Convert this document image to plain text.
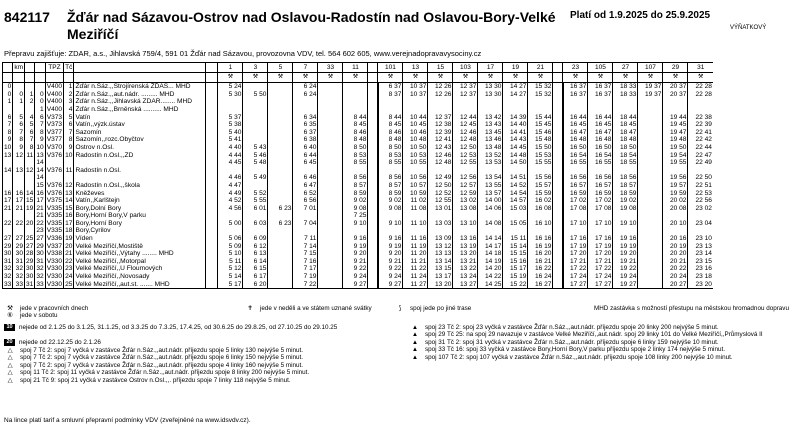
842117 Žďár nad Sázavou-Ostrov nad Oslavou-Radostín nad Oslavou-Bory-Velké Meziříčí
Platí od 1.9.2025 do 25.9.2025
VÝŇATKOVÝ
Přepravu zajišťuje: ZDAR, a.s., Jihlavská 759/4, 591 01 Žďár nad Sázavou, provozovna VDV, tel. 564 602 605, www.verejnadopravavysociny.cz
	km			TPZ	Tč			1	3	5	7	33	11		101	13	15	103	17	19	21		23	105	27	107	29	31
								⚒	⚒	⚒	⚒	⚒	⚒		⚒	⚒	⚒	⚒	⚒	⚒	⚒		⚒	⚒	⚒	⚒	⚒	⚒
0				V400	1	Žďár n.Sáz.,,Strojírenská ŽĎAS... MHD		5 24			6 24				6 37	10 37	12 26	12 37	13 30	14 27	15 32		16 37	16 37	18 33	19 37	20 37	22 28
0	0	1	0	V400	2	Žďár n.Sáz.,,aut.nádr. ......... MHD		5 30	5 50		6 24				8 37	10 37	12 26	12 37	13 30	14 27	15 32		16 37	16 37	18 33	19 37	20 37	22 28
1	1	2	0	V400	3	Žďár n.Sáz.,,Jihlavská ZDAR........ MHD																						
			1	V400	4	Žďár n.Sáz.,,Brněnská .......... MHD																						
6	5	4	6	V373	5	Vatín		5 37			6 34		8 44		8 44	10 44	12 37	12 44	13 42	14 39	15 44		16 44	16 44	18 44		19 44	22 38
7	6	5	7	V373	6	Vatín,,výzk.ústav		5 38			6 35		8 45		8 45	10 45	12 38	12 45	13 43	14 40	15 45		16 45	16 45	18 45		19 45	22 39
8	7	6	8	V377	7	Sazomín		5 40			6 37		8 46		8 46	10 46	12 39	12 46	13 45	14 41	15 46		16 47	16 47	18 47		19 47	22 41
9	8	7	9	V377	8	Sazomín,,rozc.Obyčtov		5 41			6 38		8 48		8 48	10 48	12 41	12 48	13 46	14 43	15 48		16 48	16 48	18 48		19 48	22 42
10	9	8	10	V370	9	Ostrov n.Osl.		4 40	5 43		6 40		8 50		8 50	10 50	12 43	12 50	13 48	14 45	15 50		16 50	16 50	18 50		19 50	22 44
13	12	11	13	V376	10	Radostín n.Osl.,,ZD		4 44	5 46		6 44		8 53		8 53	10 53	12 46	12 53	13 52	14 48	15 53		16 54	16 54	18 54		19 54	22 47
			14					4 45	5 48		6 45		8 55		8 55	10 55	12 48	12 55	13 53	14 50	15 55		16 55	16 55	18 55		19 55	22 49
14	13	12	14	V376	11	Radostín n.Osl.																						
			14					4 46	5 49		6 46		8 56		8 56	10 56	12 49	12 56	13 54	14 51	15 56		16 56	16 56	18 56		19 56	22 50
			15	V376	12	Radostín n.Osl.,,škola		4 47			6 47		8 57		8 57	10 57	12 50	12 57	13 55	14 52	15 57		16 57	16 57	18 57		19 57	22 51
16	16	14	16	V376	13	Kněževes		4 49	5 52		6 52		8 59		8 59	10 59	12 52	12 59	13 57	14 54	15 59		16 59	16 59	18 59		19 59	22 53
17	17	15	17	V375	14	Vatín,,Karlštejn		4 52	5 55		6 56		9 02		9 02	11 02	12 55	13 02	14 00	14 57	16 02		17 02	17 02	19 02		20 02	22 56
21	21	19	21	V335	15	Bory,Dolní Bory		4 56	6 01	6 23	7 01		9 08		9 08	11 08	13 01	13 08	14 06	15 03	16 08		17 08	17 08	19 08		20 08	23 02
			21	V335	16	Bory,Horní Bory,V parku							7 25															
22	22	20	22	V335	17	Bory,Horní Bory		5 00	6 03	6 23	7 04		9 10		9 10	11 10	13 03	13 10	14 08	15 05	16 10		17 10	17 10	19 10		20 10	23 04
			23	V335	18	Bory,Cyrilov																						
27	27	25	27	V336	19	Víden		5 06	6 09		7 11		9 16		9 16	11 16	13 09	13 16	14 14	15 11	16 16		17 16	17 16	19 16		20 16	23 10
29	29	27	29	V337	20	Velké Meziříčí,Mostiště		5 09	6 12		7 14		9 19		9 19	11 19	13 12	13 19	14 17	15 14	16 19		17 19	17 19	19 19		20 19	23 13
30	30	28	30	V338	21	Velké Meziříčí,,Výtahy ........ MHD		5 10	6 13		7 15		9 20		9 20	11 20	13 13	13 20	14 18	15 15	16 20		17 20	17 20	19 20		20 20	23 14
31	31	29	31	V330	22	Velké Meziříčí,,Motorpal		5 11	6 14		7 16		9 21		9 21	11 21	13 14	13 21	14 19	15 16	16 21		17 21	17 21	19 21		20 21	23 15
32	32	30	32	V330	23	Velké Meziříčí,,U Floumových		5 12	6 15		7 17		9 22		9 22	11 22	13 15	13 22	14 20	15 17	16 22		17 22	17 22	19 22		20 22	23 16
32	32	30	32	V330	24	Velké Meziříčí,,Novosady		5 14	6 17		7 19		9 24		9 24	11 24	13 17	13 24	14 22	15 19	16 24		17 24	17 24	19 24		20 24	23 18
33	33	31	33	V330	25	Velké Meziříčí,,aut.st. ....... MHD		5 17	6 20		7 22		9 27		9 27	11 27	13 20	13 27	14 25	15 22	16 27		17 27	17 27	19 27		20 27	23 20
⚒ jede v pracovních dnech
⑥ jede v sobotu
✝ jede v neděli a ve státem uznané svátky	⟆ spoj jede po jiné trase	MHD zastávka s možností přestupu na městskou hromadnou dopravu
10 nejede od 2.1.25 do 3.1.25, 31.1.25, od 3.3.25 do 7.3.25, 17.4.25, od 30.6.25 do 29.8.25, od 27.10.25 do 29.10.25
20 nejede od 22.12.25 do 2.1.26
△ spoj 7 Tč 2: spoj 7 vyčká v zastávce Žďár n.Sáz.,,aut.nádr. příjezdu spoje 5 linky 130 nejvýše 5 minut.
△ spoj 7 Tč 2: spoj 7 vyčká v zastávce Žďár n.Sáz.,,aut.nádr. příjezdu spoje 6 linky 150 nejvýše 5 minut.
△ spoj 7 Tč 2: spoj 7 vyčká v zastávce Žďár n.Sáz.,,aut.nádr. příjezdu spoje 4 linky 160 nejvýše 5 minut.
△ spoj 11 Tč 2: spoj 11 vyčká v zastávce Žďár n.Sáz.,,aut.nádr. příjezdu spoje 8 linky 200 nejvýše 5 minut.
△ spoj 21 Tč 9: spoj 21 vyčká v zastávce Ostrov n.Osl.,,. příjezdu spoje 7 linky 118 nejvýše 5 minut.
▲ spoj 23 Tč 2: spoj 23 vyčká v zastávce Žďár n.Sáz.,,aut.nádr. příjezdu spoje 20 linky 200 nejvýše 5 minut.
▲ spoj 29 Tč 25: na spoj 29 navazuje v zastávce Velké Meziříčí,,aut.nádr. spoj 29 linky 101 do Velké Meziříčí,,Průmyslová II
▲ spoj 31 Tč 2: spoj 31 vyčká v zastávce Žďár n.Sáz.,,aut.nádr. příjezdu spoje 6 linky 159 nejvýše 10 minut.
▲ spoj 33 Tč 16: spoj 33 vyčká v zastávce Bory,Horní Bory,V parku příjezdu spoje 2 linky 174 nejvýše 5 minut.
▲ spoj 107 Tč 2: spoj 107 vyčká v zastávce Žďár n.Sáz.,,aut.nádr. příjezdu spoje 108 linky 200 nejvýše 10 minut.
Na lince platí tarif a smluvní přepravní podmínky VDV (zveřejněné na www.idsvdv.cz).
